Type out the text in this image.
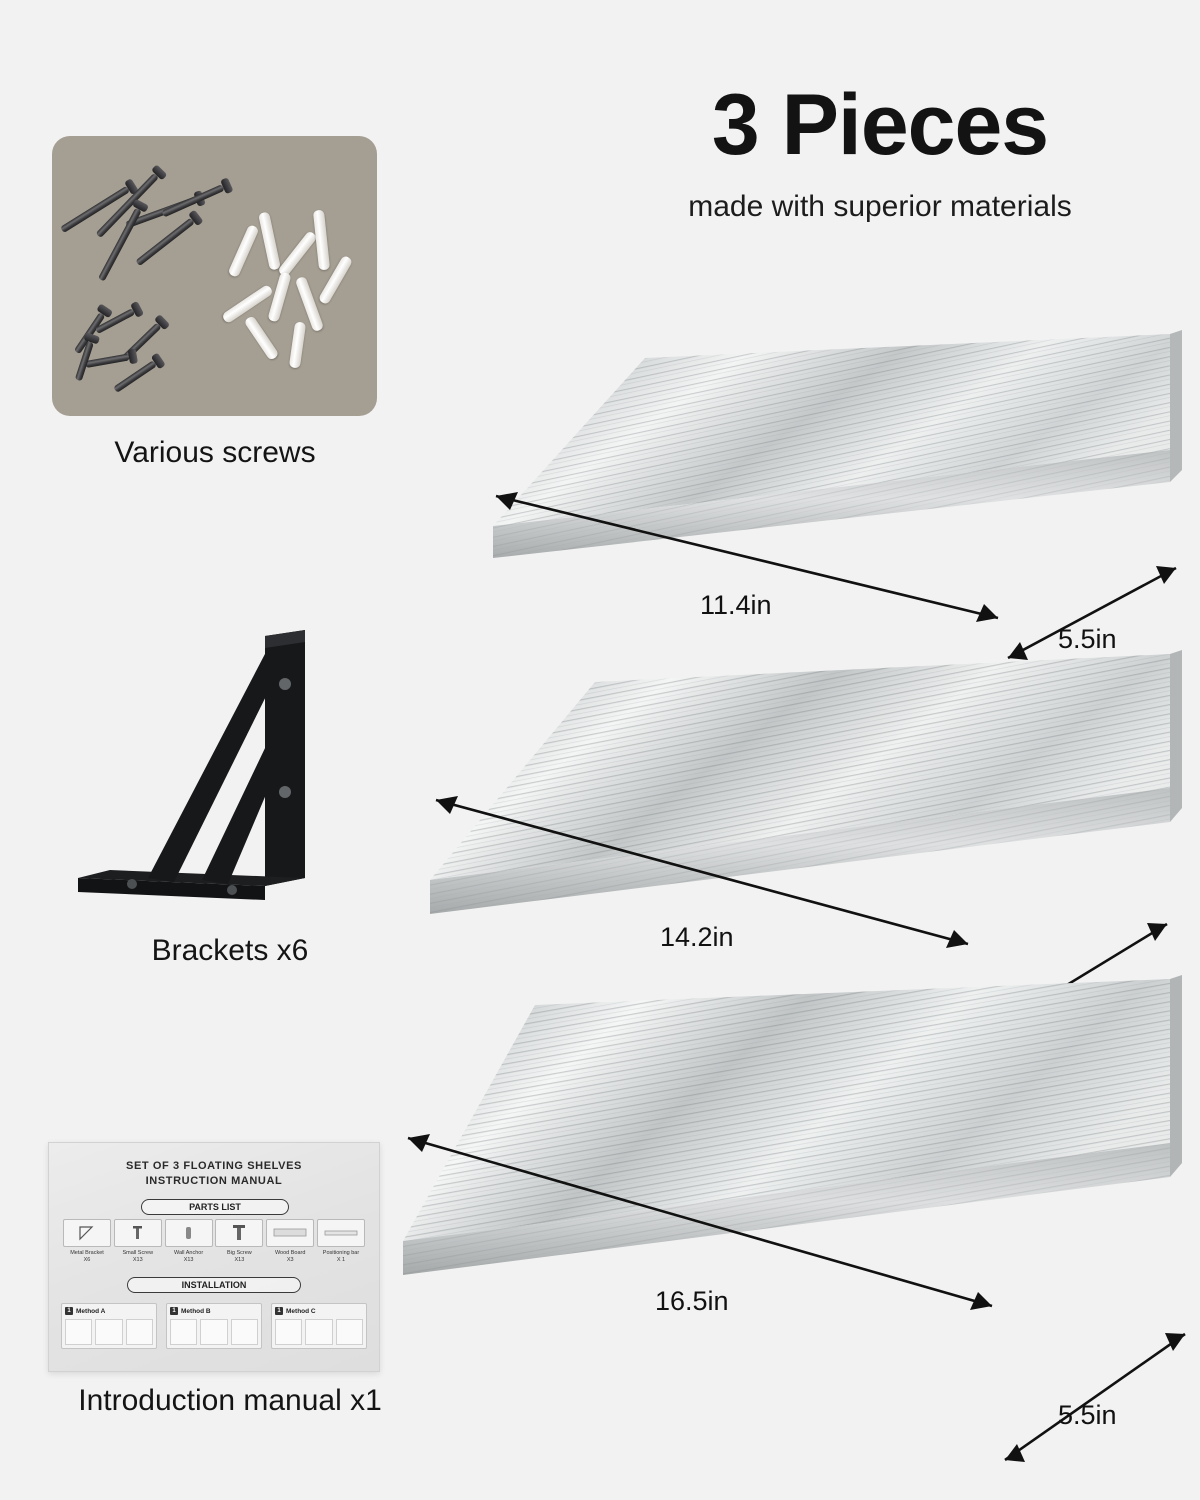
3 Pieces
made with superior materials
Various screws
Brackets x6
SET OF 3 FLOATING SHELVES
INSTRUCTION MANUAL
PARTS LIST
Metal Bracket
X6
Small Screw
X13
Wall Anchor
X13
Big Screw
X13
Wood Board
X3
Positioning bar
X 1
INSTALLATION
1 Method A	1 Method B	1 Method C
Introduction manual x1
11.4in
5.5in
14.2in
16.5in
5.5in
